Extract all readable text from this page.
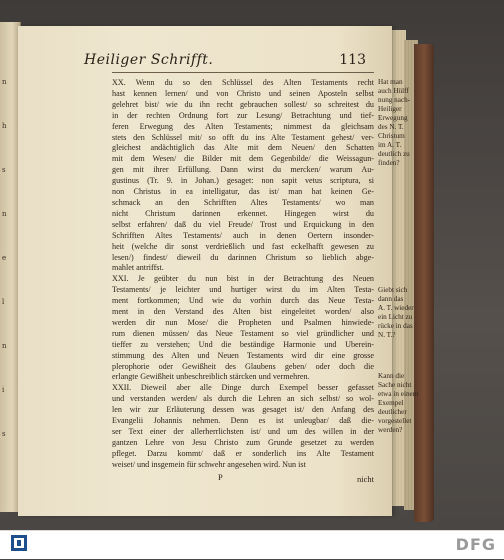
n
h
s
n
e
l
n
i
s
Heiliger Schrifft.	113
XX. Wenn du so den Schlüssel des Alten Testaments recht
hast kennen lernen/ und von Christo und seinen Aposteln selbst
gelehret bist/ wie du ihn recht gebrauchen sollest/ so schreitest du
in der rechten Ordnung fort zur Lesung/ Betrachtung und tief-
feren Erwegung des Alten Testaments; nimmest da gleichsam
stets den Schlüssel mit/ so offt du ins Alte Testament gehest/ ver-
gleichest andächtiglich das Alte mit dem Neuen/ den Schatten
mit dem Wesen/ die Bilder mit dem Gegenbilde/ die Weissagun-
gen mit ihrer Erfüllung. Dann wirst du mercken/ warum Au-
gustinus (Tr. 9. in Johan.) gesaget: non sapit vetus scriptura, si
non Christus in ea intelligatur, das ist/ man hat keinen Ge-
schmack an den Schrifften Altes Testaments/ wo man
nicht Christum darinnen erkennet. Hingegen wirst du
selbst erfahren/ daß du viel Freude/ Trost und Erquickung in den
Schrifften Altes Testaments/ auch in denen Oertern insonder-
heit (welche dir sonst verdrießlich und fast eckelhafft gewesen zu
lesen/) findest/ dieweil du darinnen Christum so lieblich abge-
mahlet antriffst.
XXI. Je geübter du nun bist in der Betrachtung des Neuen
Testaments/ je leichter und hurtiger wirst du im Alten Testa-
ment fortkommen; Und wie du vorhin durch das Neue Testa-
ment in den Verstand des Alten bist eingeleitet worden/ also
werden dir nun Mose/ die Propheten und Psalmen hinwiede-
rum dienen müssen/ das Neue Testament so viel gründlicher und
tieffer zu verstehen; Und die beständige Harmonie und Uberein-
stimmung des Alten und Neuen Testaments wird dir eine grosse
plerophorie oder Gewißheit des Glaubens geben/ oder doch die
erlangte Gewißheit unbeschreiblich stärcken und vermehren.
XXII. Dieweil aber alle Dinge durch Exempel besser gefasset
und verstanden werden/ als durch die Lehren an sich selbst/ so wol-
len wir zur Erläuterung dessen was gesaget ist/ den Anfang des
Evangelii Johannis nehmen. Denn es ist unleugbar/ daß die-
ser Text einer der allerherrlichsten ist/ und um des willen in der
gantzen Lehre von Jesu Christo zum Grunde gesetzet zu werden
pfleget. Darzu kommt/ daß er sonderlich ins Alte Testament
weiset/ und insgemein für schwehr angesehen wird. Nun ist
Hat man
auch Hülff
nung nach-
Heiliger
Erwegung
des N. T.
Christum
im A. T.
deutlich zu
finden?
Giebt sich
dann das
A. T. wieder
ein Licht zu
rücke in das
N. T.?
Kann die
Sache nicht
etwa in einem
Exempel
deutlicher
vorgestellet
werden?
P	nicht
DFG
